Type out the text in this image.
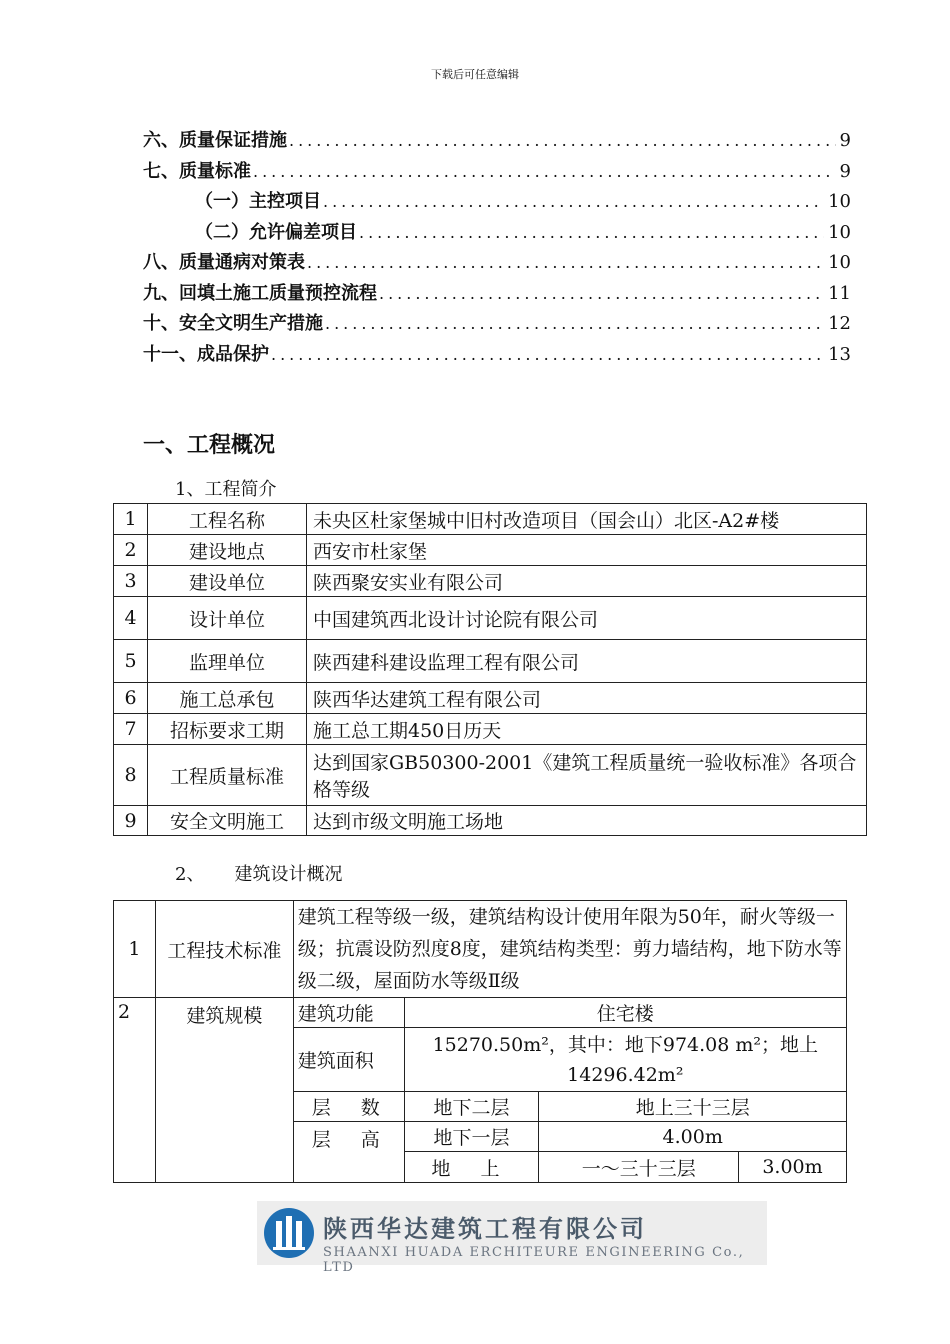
下载后可任意编辑
六、质量保证措施 .....	9
七、质量标准 .....	9
（一）主控项目 .....	10
（二）允许偏差项目 .....	10
八、质量通病对策表 .....	10
九、回填土施工质量预控流程 .....	11
十、安全文明生产措施 .....	12
十一、成品保护 .....	13
一、工程概况
1、工程简介
1	工程名称	未央区杜家堡城中旧村改造项目（国会山）北区-A2#楼
2	建设地点	西安市杜家堡
3	建设单位	陕西聚安实业有限公司
4	设计单位	中国建筑西北设计讨论院有限公司
5	监理单位	陕西建科建设监理工程有限公司
6	施工总承包	陕西华达建筑工程有限公司
7	招标要求工期	施工总工期450日历天
8	工程质量标准	达到国家GB50300-2001《建筑工程质量统一验收标准》各项合格等级
9	安全文明施工	达到市级文明施工场地
2、 建筑设计概况
1	工程技术标准	建筑工程等级一级，建筑结构设计使用年限为50年，耐火等级一级；抗震设防烈度8度，建筑结构类型：剪力墙结构，地下防水等级二级，屋面防水等级Ⅱ级			
2	建筑规模	建筑功能	住宅楼		
		建筑面积	15270.50m²，其中：地下974.08 m²；地上14296.42m²		
		层 数	地下二层	地上三十三层	
		层 高	地下一层	4.00m	
			地 上	一～三十三层	3.00m
陕西华达建筑工程有限公司
SHAANXI HUADA ERCHITEURE ENGINEERING Co., LTD
